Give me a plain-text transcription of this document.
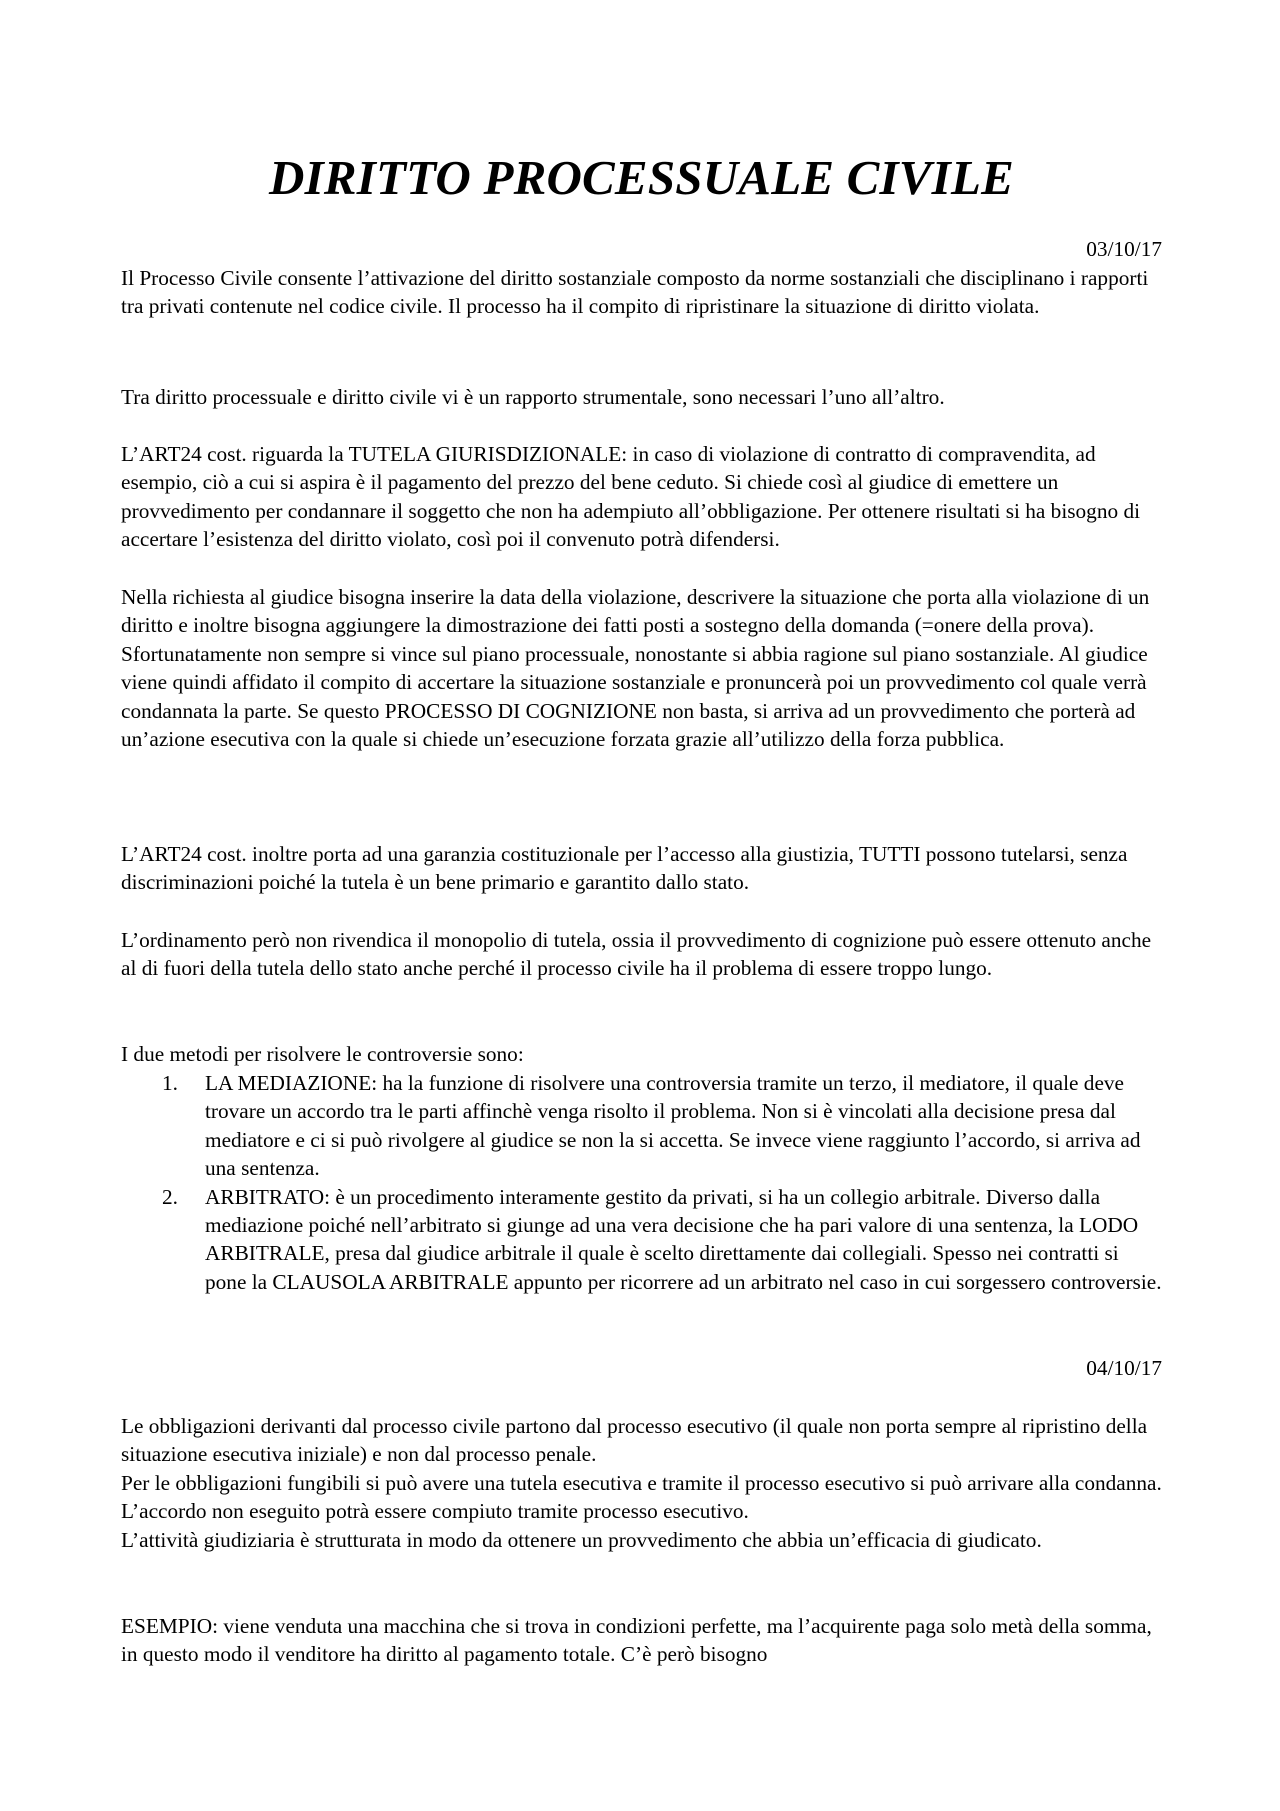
DIRITTO PROCESSUALE CIVILE
03/10/17

Il Processo Civile consente l’attivazione del diritto sostanziale composto da norme sostanziali che disciplinano i rapporti tra privati contenute nel codice civile. Il processo ha il compito di ripristinare la situazione di diritto violata.

Tra diritto processuale e diritto civile vi è un rapporto strumentale, sono necessari l’uno all’altro.

L’ART24 cost. riguarda la TUTELA GIURISDIZIONALE: in caso di violazione di contratto di compravendita, ad esempio, ciò a cui si aspira è il pagamento del prezzo del bene ceduto. Si chiede così al giudice di emettere un provvedimento per condannare il soggetto che non ha adempiuto all’obbligazione. Per ottenere risultati si ha bisogno di accertare l’esistenza del diritto violato, così poi il convenuto potrà difendersi.

Nella richiesta al giudice bisogna inserire la data della violazione, descrivere la situazione che porta alla violazione di un diritto e inoltre bisogna aggiungere la dimostrazione dei fatti posti a sostegno della domanda (=onere della prova). Sfortunatamente non sempre si vince sul piano processuale, nonostante si abbia ragione sul piano sostanziale. Al giudice viene quindi affidato il compito di accertare la situazione sostanziale e pronuncerà poi un provvedimento col quale verrà condannata la parte. Se questo PROCESSO DI COGNIZIONE non basta, si arriva ad un provvedimento che porterà ad un’azione esecutiva con la quale si chiede un’esecuzione forzata grazie all’utilizzo della forza pubblica.

L’ART24 cost. inoltre porta ad una garanzia costituzionale per l’accesso alla giustizia, TUTTI possono tutelarsi, senza discriminazioni poiché la tutela è un bene primario e garantito dallo stato.

L’ordinamento però non rivendica il monopolio di tutela, ossia il provvedimento di cognizione può essere ottenuto anche al di fuori della tutela dello stato anche perché il processo civile ha il problema di essere troppo lungo.

I due metodi per risolvere le controversie sono:

1. LA MEDIAZIONE: ha la funzione di risolvere una controversia tramite un terzo, il mediatore, il quale deve trovare un accordo tra le parti affinchè venga risolto il problema. Non si è vincolati alla decisione presa dal mediatore e ci si può rivolgere al giudice se non la si accetta. Se invece viene raggiunto l’accordo, si arriva ad una sentenza.
2. ARBITRATO: è un procedimento interamente gestito da privati, si ha un collegio arbitrale. Diverso dalla mediazione poiché nell’arbitrato si giunge ad una vera decisione che ha pari valore di una sentenza, la LODO ARBITRALE, presa dal giudice arbitrale il quale è scelto direttamente dai collegiali. Spesso nei contratti si pone la CLAUSOLA ARBITRALE appunto per ricorrere ad un arbitrato nel caso in cui sorgessero controversie.
04/10/17

Le obbligazioni derivanti dal processo civile partono dal processo esecutivo (il quale non porta sempre al ripristino della situazione esecutiva iniziale) e non dal processo penale.

Per le obbligazioni fungibili si può avere una tutela esecutiva e tramite il processo esecutivo si può arrivare alla condanna. L’accordo non eseguito potrà essere compiuto tramite processo esecutivo.

L’attività giudiziaria è strutturata in modo da ottenere un provvedimento che abbia un’efficacia di giudicato.

ESEMPIO: viene venduta una macchina che si trova in condizioni perfette, ma l’acquirente paga solo metà della somma, in questo modo il venditore ha diritto al pagamento totale. C’è però bisogno
